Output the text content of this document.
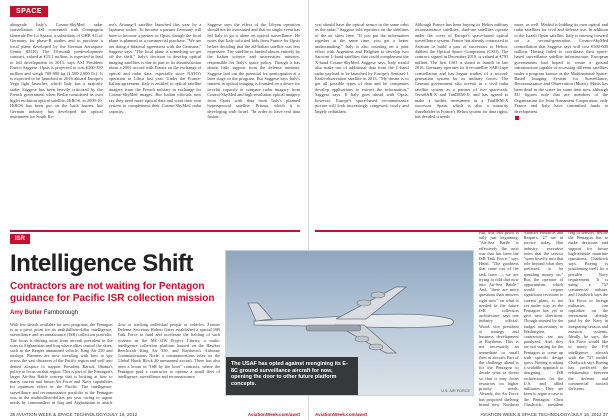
SPACE

alongside Italy's Cosmo-SkyMed radar constellation. ASI concerned with Compagnia Generale Per Lo Spazio, a subsidiary of OHB AG of Germany, for phase-B studies and to purchase a focal plane developed by the German Aerospace Center (DLR). The 18-month predevelopment contract, valued at €15.1 million, is expected to lead to full development in 2013, says ASI President Enrico Saggese. Opsis is projected to cost €300-350 million and weigh 700-900 kg (1,500-2,000 lb.). It is expected to be launched in 2016 aboard Europe's Vega light launcher, which Italy has a majority stake. Saggese has been heavily criticized by the French government when Berlin considered its own high-resolution optical satellite, HiROS, in 2009-10. HiROS has been put on the back burner, but German industry has developed the optical instrument for South Ko-

rea's Arirang-3 satellite launched this year by a Japanese rocket. To become a partner Germany will have to become a partner in Opsis, though the focal plane is planned as a commercial purchase. "We are not doing a bilateral agreement with the Germans," Saggese says. "The focal plane is something we get off the shelf." Italy's decision to develop optical imaging satellites is due in part to its dissatisfaction about a 2001 accord with France on the exchange of optical and radar data, especially since NATO's operation in Libya last year. Under the France-Italian agreement, Italy is entitled to optical satellite imagery from the French military in exchange for Cosmo-SkyMed images. But Italian officials now say they need more optical data and want their own system to complement their Cosmo-SkyMed radar capacity.

Saggese says the effect of the Libyan operation should not be overstated and that no single event has led Italy to go it alone on optical surveillance. He notes that Italy solicited bids from France for Opsis before deciding that the all-Italian satellite was less expensive. The satellite is funded almost entirely by the Italian science and universities ministry, responsible for Italy's space policy. Though it has drawn little support from the defense minister, Saggese laid out the potential for participation at a later stage in the program. But Saggese says Italy's interest in optical imaging is founded on a desire for in-orbit capacity to compare radar imagery from Cosmo-SkyMed and high-resolution optical imagery from Opsis with data from Italy's planned hyperspectral satellite, Prisma, which it is developing with Israel. "In order to have real data fusion,

ISR
Intelligence Shift
Contractors are not waiting for Pentagon guidance for Pacific ISR collection mission
Amy Butler Farnborough

With few details available for new programs, the Pentagon is at a pivot point for its multibillion-dollar intelligence, surveillance and reconnaissance (ISR) collection portfolio. The focus is shifting away from aircraft prevalent in the wars in Afghanistan and Iraq where allies control the skies, such as the Reaper unmanned vehicle, King Air 350 and airships. Planners are now wrestling with how to spy across the vast distances of the Pacific region and well into denied airspace to support President Barack Obama's policy to focus on that region. This is part of the Pentagon's larger Air-Sea Battle concept that is looking at how to marry current and future Air Force and Navy capabilities for optimum effect in the Pacific. The intelligence, surveillance and reconnaissance portfolio at the Pentagon was in the multibillion-dollars per year owing to urgent needs by commanders in Iraq and Afghanistan to attack

slow or tracking individual people or vehicles. Former Defense Secretary Robert Gates established a special ISR Task Force to fund and accelerate the fielding of such systems as the MC-12W Project Liberty, a multi-intelligence collection platform housed on the Hawker Beechcraft King Air 350, and Raytheon's Airborne Communications Node, a communications relay on the Global Hawk Block 20 unmanned aircraft. There has also been a boom in "ISR by the hour" contracts, where the Pentagon paid a contractor to operate a small fleet of intelligence, surveillance and reconnaissance

38 AVIATION WEEK & SPACE TECHNOLOGY/JULY 16, 2012	AviationWeek.com/awst

you should have the optical sensor in the same orbit as the radar," Saggese told reporters on the sidelines of the air show here. "If you put the information together at the same time, you get a better understanding." Italy is also counting on a joint effort with Argentina and Belgium to develop two Saocom L-band satellites that could complement the X-band Cosmo-SkyMed, Saggese says. Italy would also make use of additional data from the C-band radar payload to be launched by Europe's Sentinel-1 Earth-observation satellite in 2013. "My dream is to get all possible types of data and let companies develop applications to extract the information," Saggese says. If Italy goes ahead with Opsis, however, Europe's space-based reconnaissance picture will look increasingly congested, costly and largely redundant.

Although France has been buying its Helios military reconnaissance satellites, dual-use satellites operate under the cover of Europe's space-based optical surveillance system. France has already contracted to Astrium to build a pair of successors to Helios, dubbed the Optical Space Component (CSO). The contract, signed in December 2010, is valued at €795 million. The first CSO is slated to launch in late 2016. Germany operates its five-satellite SAR-Lupe constellation and has begun studies of a second-generation system for its military forces. The German government also invests in a civil radar satellite system as a partner of two spacecraft, TerraSAR-X and TanDEM-X, and has agreed to make a further investment in a TanDEM-X successor. Spain, which is also a minority shareholder in France's Helios system for data rights, has decided it needs

more, as well. Madrid is bidding its own optical and radar satellites for civil and defense use. In addition to the Israeli Opsat satellite, Italy is moving forward on a second-generation Cosmo-SkyMed constellation that Saggese says will cost €500-600 million. Having failed to coordinate their space-based surveillance satellite infrastructure, European governments had hoped to create a ground infrastructure capable of accessing different satellites under a program known as the Multinational Space-Based Imaging System for Surveillance, Reconnaissance and Observation (Musis). Musis has been dead in the water for some time now, although EU figures note that are members of the Organization for Joint Armament Cooperation, only France and Italy have committed funds to development.

But, this ISR pivot is only just beginning. "Air-Sea Battle is effectively the next war that has been the ISR Task Force," says Heidi. "The goodness that came out of the task force — we are trying to fold that now into Air-Sea Battle." And, "there are more questions than answers right now" on what is needed in the future ISR collection architecture, says one industry official. Wood, vice president of strategy and business development at Raytheon. This is not necessarily an immediate or small fleet of aircraft. Part of the challenge ahead is for the Pentagon to decide what to divest so that it may focus resources on higher priority needs. Already, the Air Force has proposed shelving brand new Northrop

Atomics Predators and Reapers, 27 are in service today. One industry executive notes that the service "went heavily into that role beyond what they preferred to be spending money on." But, the operator of opportunism, which would require significant revisions to current plans, is not yet under way as the Pentagon has yet to give new directions. Though stunted by the budget uncertainty in Washington, contractors are not paralyzed. And, they are not waiting for the Pentagon to come up with specific design specs. Boeing is taking a scalable approach to designing ISR architectures for the U.S. and allied militaries. They are keen to argue a case to the Pentagon. Chris Chadwick, president

ring of sensors. Before the Pentagon has to make decisions and support for future high-altitude maritime operations, Chadwick says. Boeing is positioning itself for a possible Navy requirement. It is using a 737 commercial airliner, and Chadwick says the Air Force or foreign militaries can capitalize on the investment already paid by the Navy in integrating sensors and mission systems. Ideally, he says, the Air Force would like to marry the P-8 intelligence aircraft with the 737 model. Chadwick says Boeing has perfected the relationship between the defense and commercial aircraft divisions.

AviationWeek.com/awst	AVIATION WEEK & SPACE TECHNOLOGY/JULY 16, 2012 37
The USAF has opted against reengining its E-8C ground surveillance aircraft for now, opening the door to other future platform concepts.
U.S. AIR FORCE
